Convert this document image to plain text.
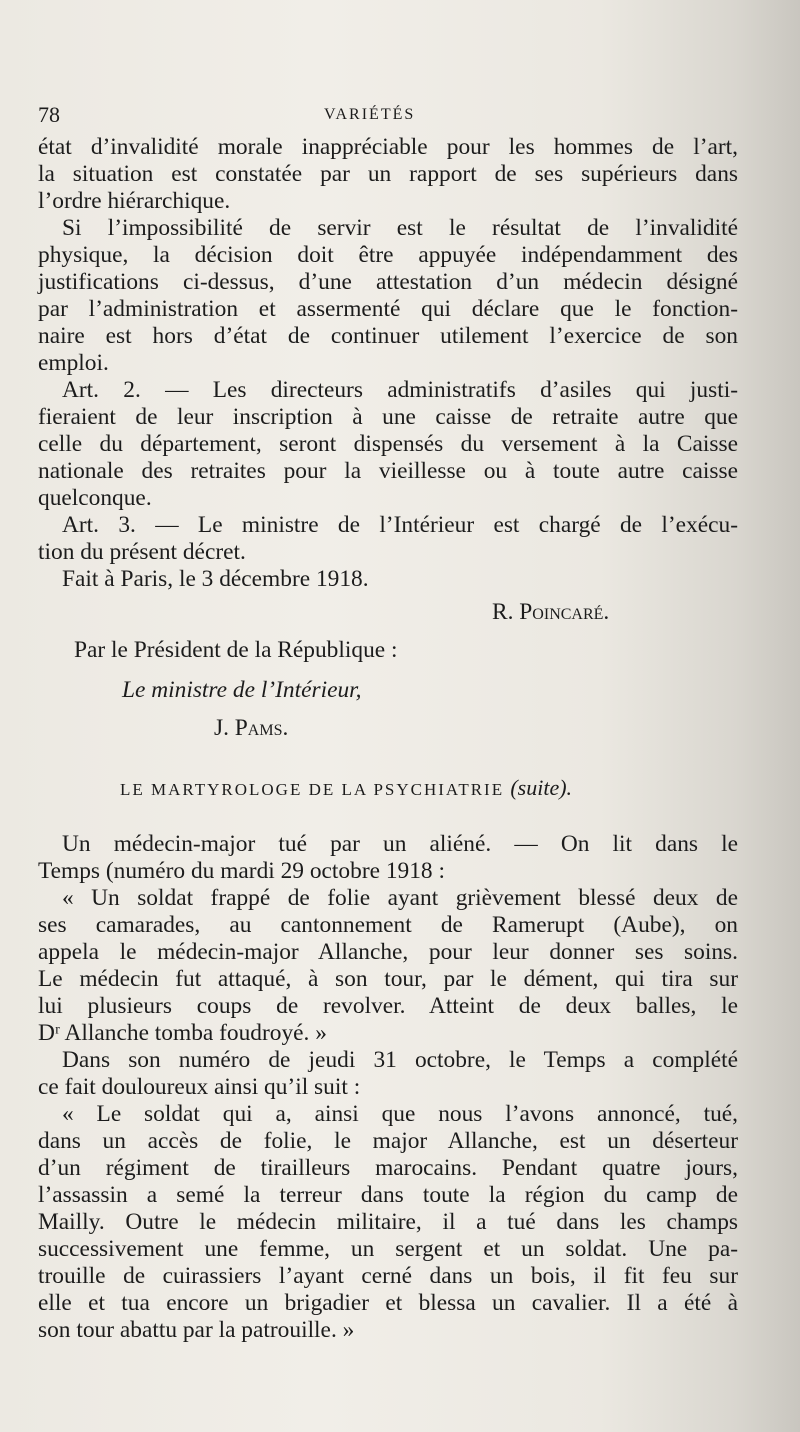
78	VARIÉTÉS

état d’invalidité morale inappréciable pour les hommes de l’art,
la situation est constatée par un rapport de ses supérieurs dans
l’ordre hiérarchique.

Si l’impossibilité de servir est le résultat de l’invalidité
physique, la décision doit être appuyée indépendamment des
justifications ci-dessus, d’une attestation d’un médecin désigné
par l’administration et assermenté qui déclare que le fonction-
naire est hors d’état de continuer utilement l’exercice de son
emploi.

Art. 2. — Les directeurs administratifs d’asiles qui justi-
fieraient de leur inscription à une caisse de retraite autre que
celle du département, seront dispensés du versement à la Caisse
nationale des retraites pour la vieillesse ou à toute autre caisse
quelconque.

Art. 3. — Le ministre de l’Intérieur est chargé de l’exécu-
tion du présent décret.

Fait à Paris, le 3 décembre 1918.

R. Poincaré.
Par le Président de la République :
Le ministre de l’Intérieur,
J. Pams.
LE MARTYROLOGE DE LA PSYCHIATRIE (suite).

Un médecin-major tué par un aliéné. — On lit dans le
Temps (numéro du mardi 29 octobre 1918 :

« Un soldat frappé de folie ayant grièvement blessé deux de
ses camarades, au cantonnement de Ramerupt (Aube), on
appela le médecin-major Allanche, pour leur donner ses soins.
Le médecin fut attaqué, à son tour, par le dément, qui tira sur
lui plusieurs coups de revolver. Atteint de deux balles, le
Dʳ Allanche tomba foudroyé. »

Dans son numéro de jeudi 31 octobre, le Temps a complété
ce fait douloureux ainsi qu’il suit :

« Le soldat qui a, ainsi que nous l’avons annoncé, tué,
dans un accès de folie, le major Allanche, est un déserteur
d’un régiment de tirailleurs marocains. Pendant quatre jours,
l’assassin a semé la terreur dans toute la région du camp de
Mailly. Outre le médecin militaire, il a tué dans les champs
successivement une femme, un sergent et un soldat. Une pa-
trouille de cuirassiers l’ayant cerné dans un bois, il fit feu sur
elle et tua encore un brigadier et blessa un cavalier. Il a été à
son tour abattu par la patrouille. »
